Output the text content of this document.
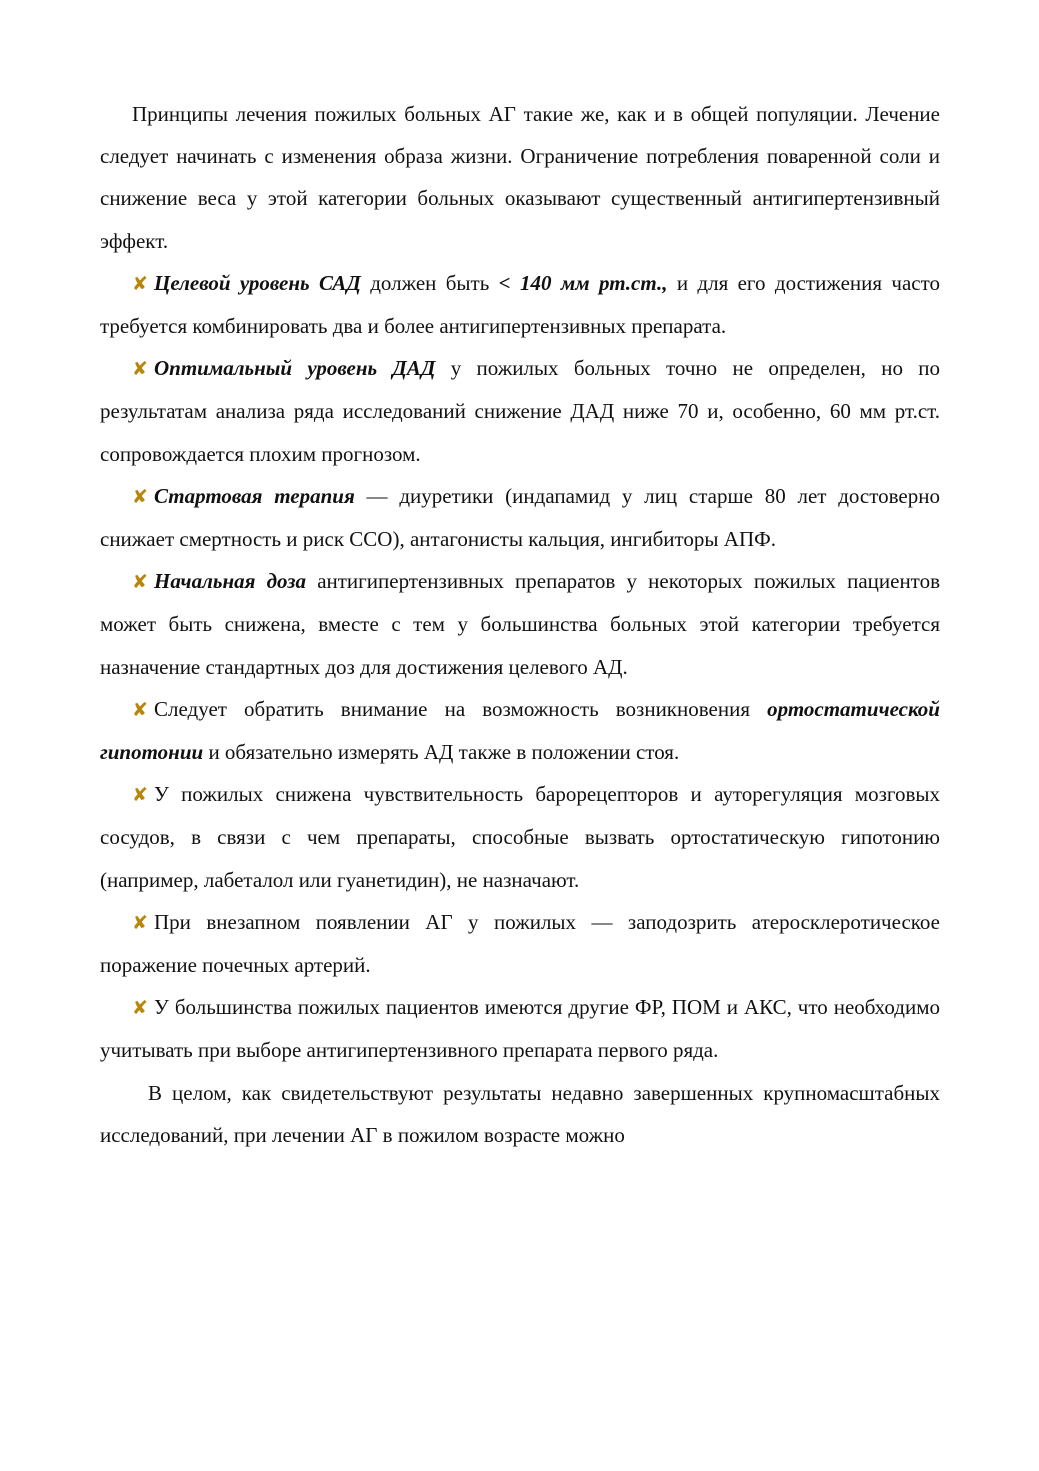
Принципы лечения пожилых больных АГ такие же, как и в общей популяции. Лечение следует начинать с изменения образа жизни. Ограничение потребления поваренной соли и снижение веса у этой категории больных оказывают существенный антигипертензивный эффект.

✘ Целевой уровень САД должен быть < 140 мм рт.ст., и для его достижения часто требуется комбинировать два и более антигипертензивных препарата.

✘ Оптимальный уровень ДАД у пожилых больных точно не определен, но по результатам анализа ряда исследований снижение ДАД ниже 70 и, особенно, 60 мм рт.ст. сопровождается плохим прогнозом.

✘ Стартовая терапия — диуретики (индапамид у лиц старше 80 лет достоверно снижает смертность и риск ССО), антагонисты кальция, ингибиторы АПФ.

✘ Начальная доза антигипертензивных препаратов у некоторых пожилых пациентов может быть снижена, вместе с тем у большинства больных этой категории требуется назначение стандартных доз для достижения целевого АД.

✘ Следует обратить внимание на возможность возникновения ортостатической гипотонии и обязательно измерять АД также в положении стоя.

✘ У пожилых снижена чувствительность барорецепторов и ауторегуляция мозговых сосудов, в связи с чем препараты, способные вызвать ортостатическую гипотонию (например, лабеталол или гуанетидин), не назначают.

✘ При внезапном появлении АГ у пожилых — заподозрить атеросклеротическое поражение почечных артерий.

✘ У большинства пожилых пациентов имеются другие ФР, ПОМ и АКС, что необходимо учитывать при выборе антигипертензивного препарата первого ряда.

В целом, как свидетельствуют результаты недавно завершенных крупномасштабных исследований, при лечении АГ в пожилом возрасте можно
